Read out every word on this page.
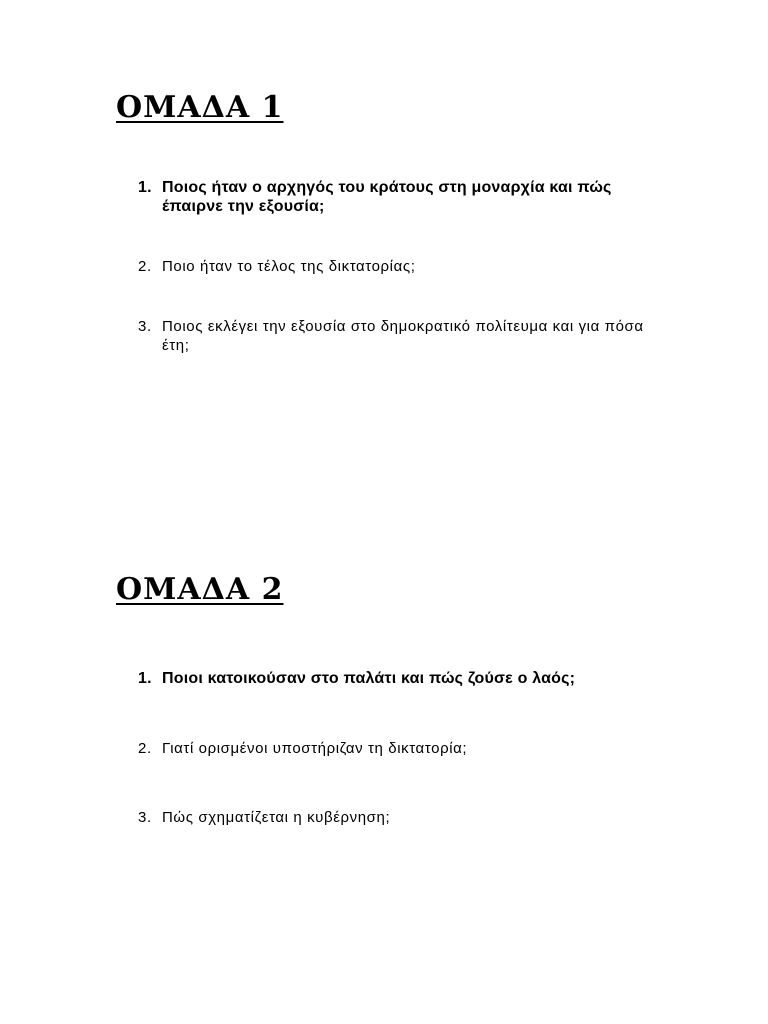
ΟΜΑΔΑ 1
1. Ποιος ήταν ο αρχηγός του κράτους στη μοναρχία και πώς έπαιρνε την εξουσία;
2. Ποιο ήταν το τέλος της δικτατορίας;
3. Ποιος εκλέγει την εξουσία στο δημοκρατικό πολίτευμα και για πόσα έτη;
ΟΜΑΔΑ 2
1. Ποιοι κατοικούσαν στο παλάτι και πώς ζούσε ο λαός;
2. Γιατί ορισμένοι υποστήριζαν τη δικτατορία;
3. Πώς σχηματίζεται η κυβέρνηση;
